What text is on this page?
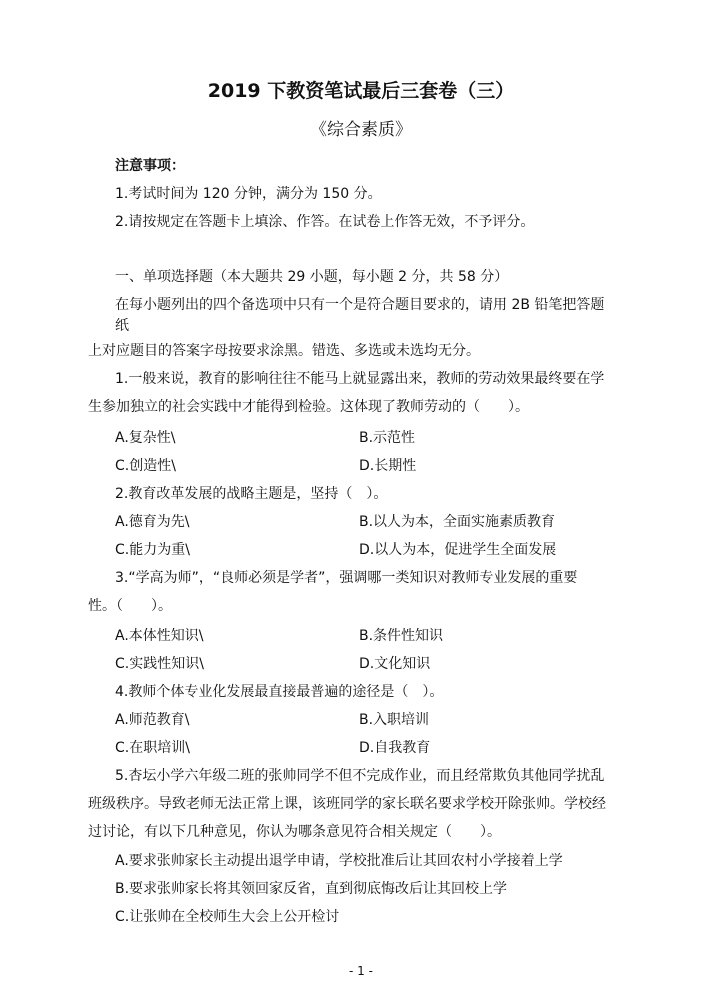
2019 下教资笔试最后三套卷（三）
《综合素质》
注意事项：
1.考试时间为 120 分钟，满分为 150 分。
2.请按规定在答题卡上填涂、作答。在试卷上作答无效，不予评分。
一、单项选择题（本大题共 29 小题，每小题 2 分，共 58 分）
在每小题列出的四个备选项中只有一个是符合题目要求的，请用 2B 铅笔把答题
纸
上对应题目的答案字母按要求涂黑。错选、多选或未选均无分。
1.一般来说，教育的影响往往不能马上就显露出来，教师的劳动效果最终要在学
生参加独立的社会实践中才能得到检验。这体现了教师劳动的（　　）。
A.复杂性\	B.示范性
C.创造性\	D.长期性
2.教育改革发展的战略主题是，坚持（　）。
A.德育为先\	B.以人为本，全面实施素质教育
C.能力为重\	D.以人为本，促进学生全面发展
3.“学高为师”，“良师必须是学者”，强调哪一类知识对教师专业发展的重要
性。（　　）。
A.本体性知识\	B.条件性知识
C.实践性知识\	D.文化知识
4.教师个体专业化发展最直接最普遍的途径是（　）。
A.师范教育\	B.入职培训
C.在职培训\	D.自我教育
5.杏坛小学六年级二班的张帅同学不但不完成作业，而且经常欺负其他同学扰乱
班级秩序。导致老师无法正常上课，该班同学的家长联名要求学校开除张帅。学校经
过讨论，有以下几种意见，你认为哪条意见符合相关规定（　　）。
A.要求张帅家长主动提出退学申请，学校批准后让其回农村小学接着上学
B.要求张帅家长将其领回家反省，直到彻底悔改后让其回校上学
C.让张帅在全校师生大会上公开检讨
- 1 -
